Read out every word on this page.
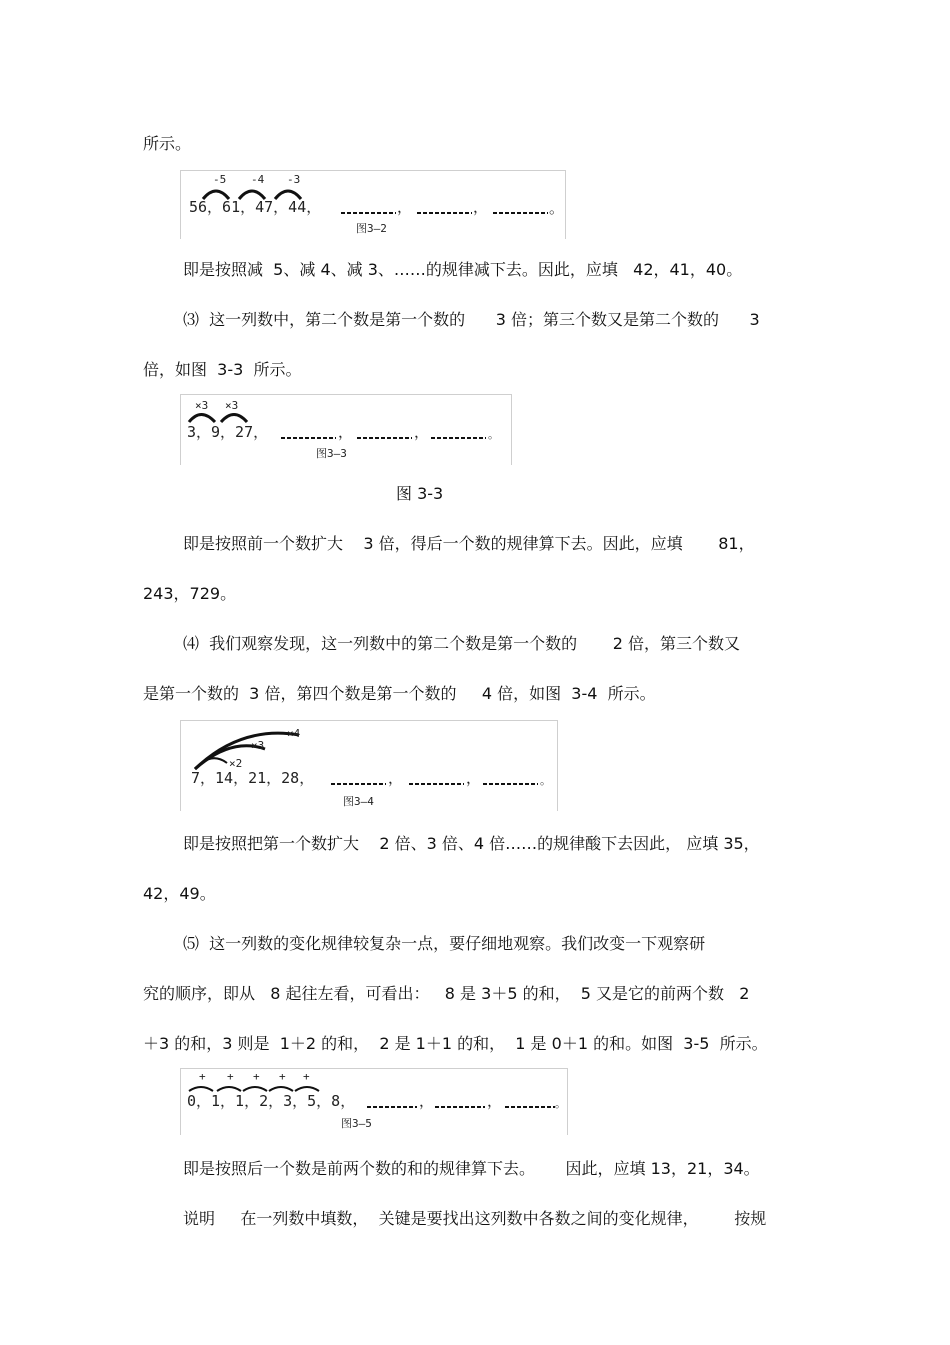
所示。
-5 -4 -3
56，61，47，44，	，	，	。
图3—2
即是按照减  5、减 4、减 3、……的规律减下去。因此，应填   42，41，40。
⑶  这一列数中，第二个数是第一个数的      3 倍；第三个数又是第二个数的      3
倍，如图  3-3  所示。
×3 ×3
3，9，27，	，	，	。
图3—3
图 3-3
即是按照前一个数扩大    3 倍，得后一个数的规律算下去。因此，应填       81，
243，729。
⑷  我们观察发现，这一列数中的第二个数是第一个数的       2 倍，第三个数又
是第一个数的  3 倍，第四个数是第一个数的     4 倍，如图  3-4  所示。
×2
×3
×4
7，14，21，28，	，	，	。
图3—4
即是按照把第一个数扩大    2 倍、3 倍、4 倍……的规律酸下去因此， 应填 35，
42，49。
⑸  这一列数的变化规律较复杂一点，要仔细地观察。我们改变一下观察研
究的顺序，即从   8 起往左看，可看出：   8 是 3＋5 的和，  5 又是它的前两个数   2
＋3 的和，3 则是  1＋2 的和，  2 是 1＋1 的和，  1 是 0＋1 的和。如图  3-5  所示。
+ + + + +
0，1，1，2，3，5，8，	，	，	。
图3—5
即是按照后一个数是前两个数的和的规律算下去。      因此，应填 13，21，34。
说明     在一列数中填数，  关键是要找出这列数中各数之间的变化规律，       按规
